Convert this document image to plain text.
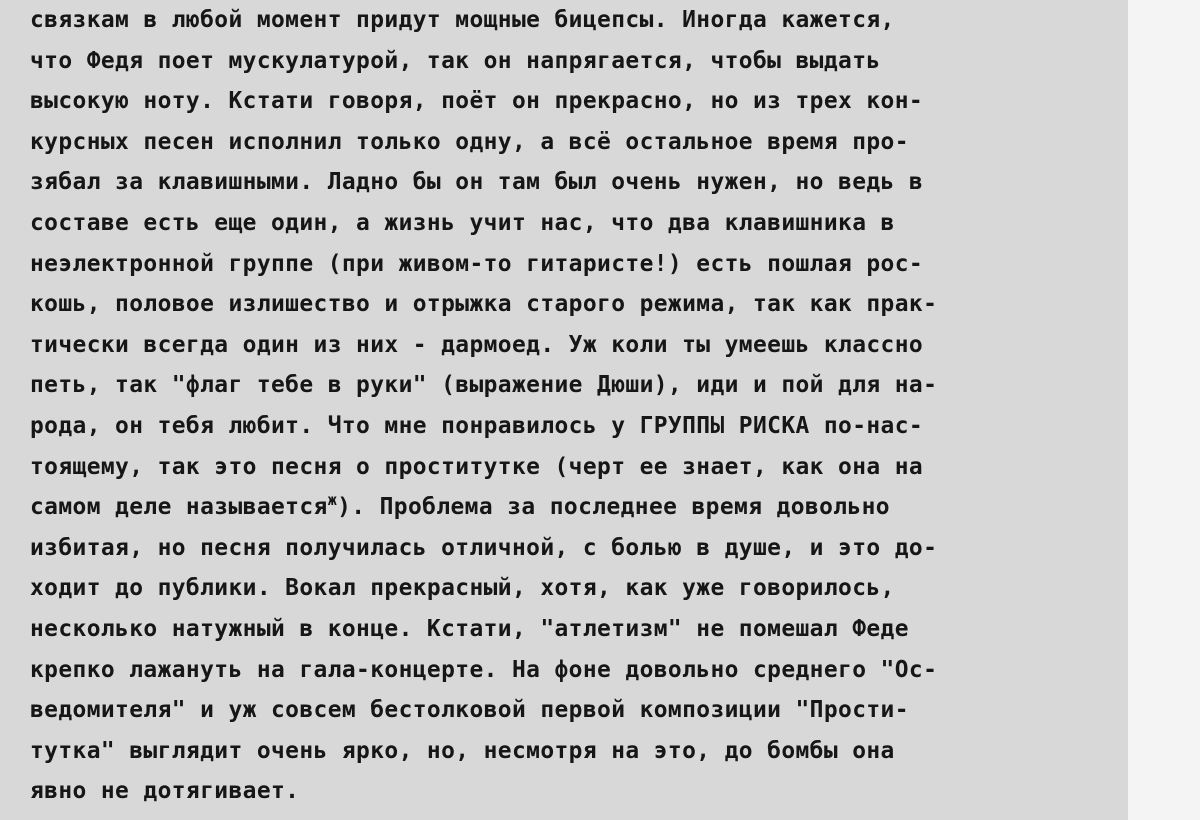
связкам в любой момент придут мощные бицепсы. Иногда кажется,
что Федя поет мускулатурой, так он напрягается, чтобы выдать
высокую ноту. Кстати говоря, поёт он прекрасно, но из трех кон-
курсных песен исполнил только одну, а всё остальное время про-
зябал за клавишными. Ладно бы он там был очень нужен, но ведь в
составе есть еще один, а жизнь учит нас, что два клавишника в
неэлектронной группе (при живом-то гитаристе!) есть пошлая рос-
кошь, половое излишество и отрыжка старого режима, так как прак-
тически всегда один из них - дармоед. Уж коли ты умеешь классно
петь, так "флаг тебе в руки" (выражение Дюши), иди и пой для на-
рода, он тебя любит. Что мне понравилось у ГРУППЫ РИСКА по-нас-
тоящему, так это песня о проститутке (черт ее знает, как она на
самом деле называется$^ж$). Проблема за последнее время довольно
избитая, но песня получилась отличной, с болью в душе, и это до-
ходит до публики. Вокал прекрасный, хотя, как уже говорилось,
несколько натужный в конце. Кстати, "атлетизм" не помешал Феде
крепко лажануть на гала-концерте. На фоне довольно среднего "Ос-
ведомителя" и уж совсем бестолковой первой композиции "Прости-
тутка" выглядит очень ярко, но, несмотря на это, до бомбы она
явно не дотягивает.
